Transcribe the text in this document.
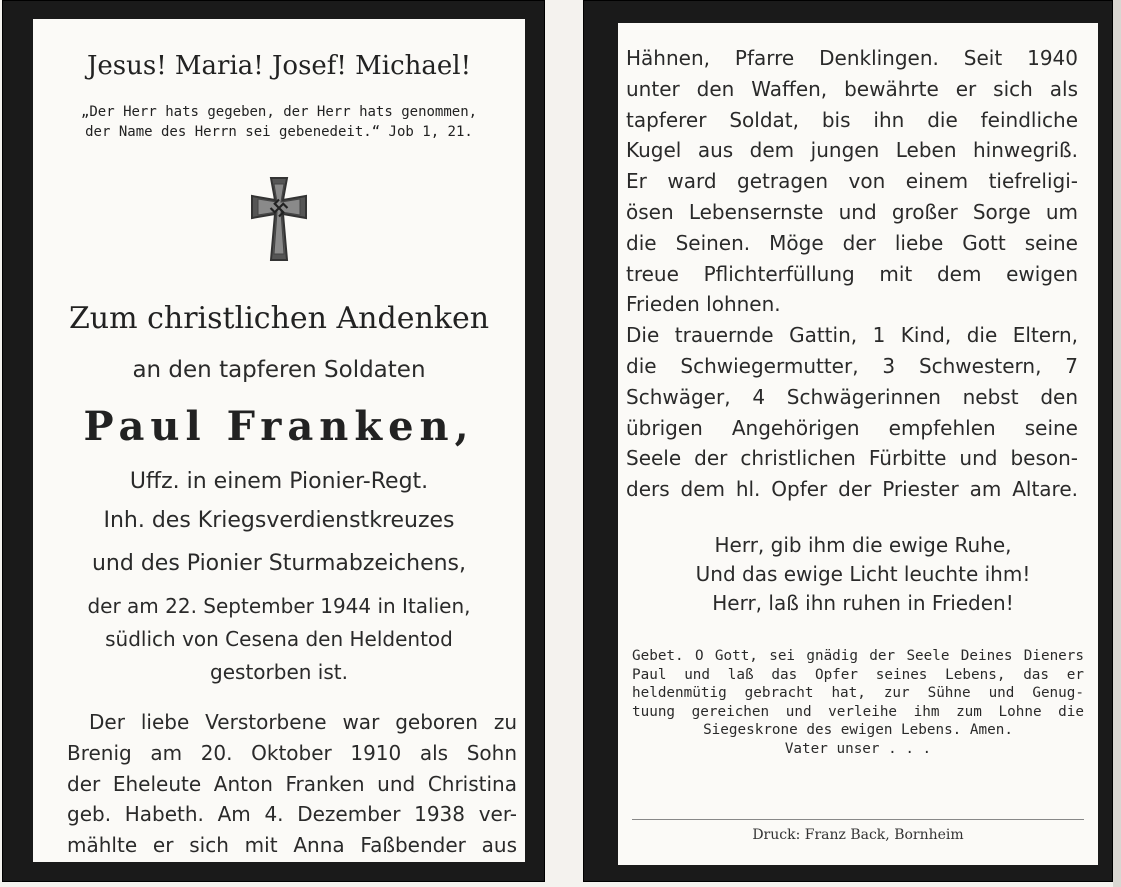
Jesus! Maria! Josef! Michael!
„Der Herr hats gegeben, der Herr hats genommen,
der Name des Herrn sei gebenedeit.“ Job 1, 21.
Zum christlichen Andenken
an den tapferen Soldaten
Paul Franken,
Uffz. in einem Pionier-Regt.
Inh. des Kriegsverdienstkreuzes
und des Pionier Sturmabzeichens,
der am 22. September 1944 in Italien,
südlich von Cesena den Heldentod
gestorben ist.
Der liebe Verstorbene war geboren zu
Brenig am 20. Oktober 1910 als Sohn
der Eheleute Anton Franken und Christina
geb. Habeth. Am 4. Dezember 1938 ver-
mählte er sich mit Anna Faßbender aus
Hähnen, Pfarre Denklingen. Seit 1940
unter den Waffen, bewährte er sich als
tapferer Soldat, bis ihn die feindliche
Kugel aus dem jungen Leben hinwegriß.
Er ward getragen von einem tiefreligi-
ösen Lebensernste und großer Sorge um
die Seinen. Möge der liebe Gott seine
treue Pflichterfüllung mit dem ewigen
Frieden lohnen.
Die trauernde Gattin, 1 Kind, die Eltern,
die Schwiegermutter, 3 Schwestern, 7
Schwäger, 4 Schwägerinnen nebst den
übrigen Angehörigen empfehlen seine
Seele der christlichen Fürbitte und beson-
ders dem hl. Opfer der Priester am Altare.
Herr, gib ihm die ewige Ruhe,
Und das ewige Licht leuchte ihm!
Herr, laß ihn ruhen in Frieden!
Gebet. O Gott, sei gnädig der Seele Deines Dieners
Paul und laß das Opfer seines Lebens, das er
heldenmütig gebracht hat, zur Sühne und Genug-
tuung gereichen und verleihe ihm zum Lohne die
Siegeskrone des ewigen Lebens. Amen.
Vater unser . . .
Druck: Franz Back, Bornheim
